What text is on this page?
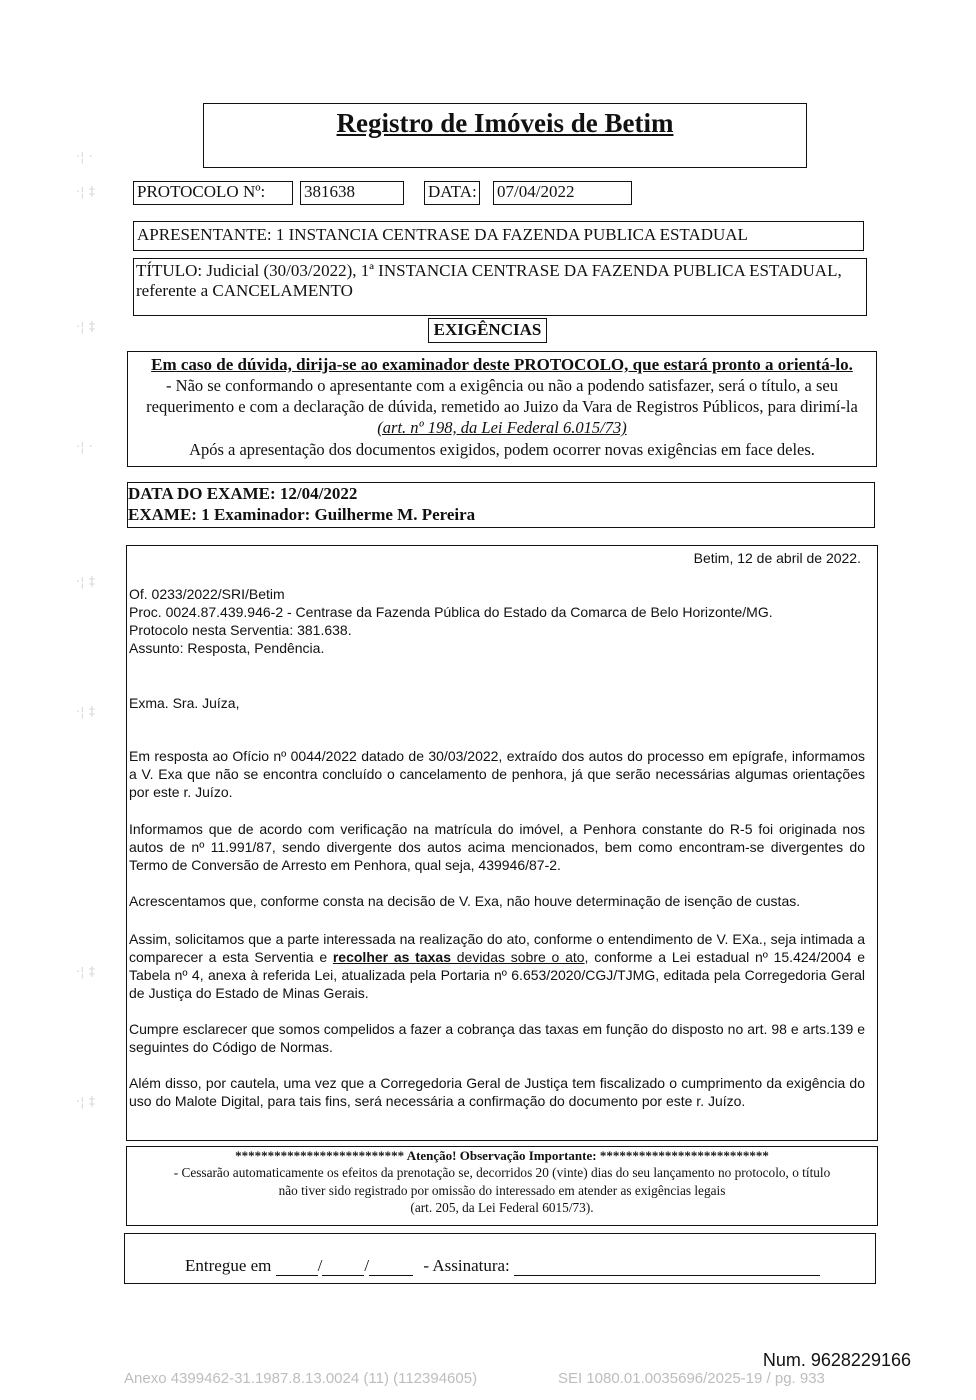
·¦ ·
·¦ ‡
·¦ ‡
·¦ ·
·¦ ‡
·¦ ‡
·¦ ‡
·¦ ‡
Registro de Imóveis de Betim
PROTOCOLO Nº:	381638	DATA: 07/04/2022
APRESENTANTE: 1 INSTANCIA CENTRASE DA FAZENDA PUBLICA ESTADUAL
TÍTULO: Judicial (30/03/2022), 1ª INSTANCIA CENTRASE DA FAZENDA PUBLICA ESTADUAL,
referente a CANCELAMENTO
EXIGÊNCIAS
Em caso de dúvida, dirija-se ao examinador deste PROTOCOLO, que estará pronto a orientá-lo.
- Não se conformando o apresentante com a exigência ou não a podendo satisfazer, será o título, a seu
requerimento e com a declaração de dúvida, remetido ao Juizo da Vara de Registros Públicos, para dirimí-la
(art. nº 198, da Lei Federal 6.015/73)
Após a apresentação dos documentos exigidos, podem ocorrer novas exigências em face deles.
DATA DO EXAME: 12/04/2022
EXAME: 1 Examinador: Guilherme M. Pereira
Betim, 12 de abril de 2022.
Of. 0233/2022/SRI/Betim
Proc. 0024.87.439.946-2 - Centrase da Fazenda Pública do Estado da Comarca de Belo Horizonte/MG.
Protocolo nesta Serventia: 381.638.
Assunto: Resposta, Pendência.
Exma. Sra. Juíza,
Em resposta ao Ofício nº 0044/2022 datado de 30/03/2022, extraído dos autos do processo em epígrafe, informamos a V. Exa que não se encontra concluído o cancelamento de penhora, já que serão necessárias algumas orientações por este r. Juízo.
Informamos que de acordo com verificação na matrícula do imóvel, a Penhora constante do R-5 foi originada nos autos de nº 11.991/87, sendo divergente dos autos acima mencionados, bem como encontram-se divergentes do Termo de Conversão de Arresto em Penhora, qual seja, 439946/87-2.
Acrescentamos que, conforme consta na decisão de V. Exa, não houve determinação de isenção de custas.
Assim, solicitamos que a parte interessada na realização do ato, conforme o entendimento de V. EXa., seja intimada a comparecer a esta Serventia e recolher as taxas devidas sobre o ato, conforme a Lei estadual nº 15.424/2004 e Tabela nº 4, anexa à referida Lei, atualizada pela Portaria nº 6.653/2020/CGJ/TJMG, editada pela Corregedoria Geral de Justiça do Estado de Minas Gerais.
Cumpre esclarecer que somos compelidos a fazer a cobrança das taxas em função do disposto no art. 98 e arts.139 e seguintes do Código de Normas.
Além disso, por cautela, uma vez que a Corregedoria Geral de Justiça tem fiscalizado o cumprimento da exigência do uso do Malote Digital, para tais fins, será necessária a confirmação do documento por este r. Juízo.
************************** Atenção! Observação Importante: **************************
- Cessarão automaticamente os efeitos da prenotação se, decorridos 20 (vinte) dias do seu lançamento no protocolo, o título
não tiver sido registrado por omissão do interessado em atender as exigências legais
(art. 205, da Lei Federal 6015/73).
Entregue em	/ /	- Assinatura:
Num. 9628229166
Anexo 4399462-31.1987.8.13.0024 (11) (112394605)	SEI 1080.01.0035696/2025-19 / pg. 933
